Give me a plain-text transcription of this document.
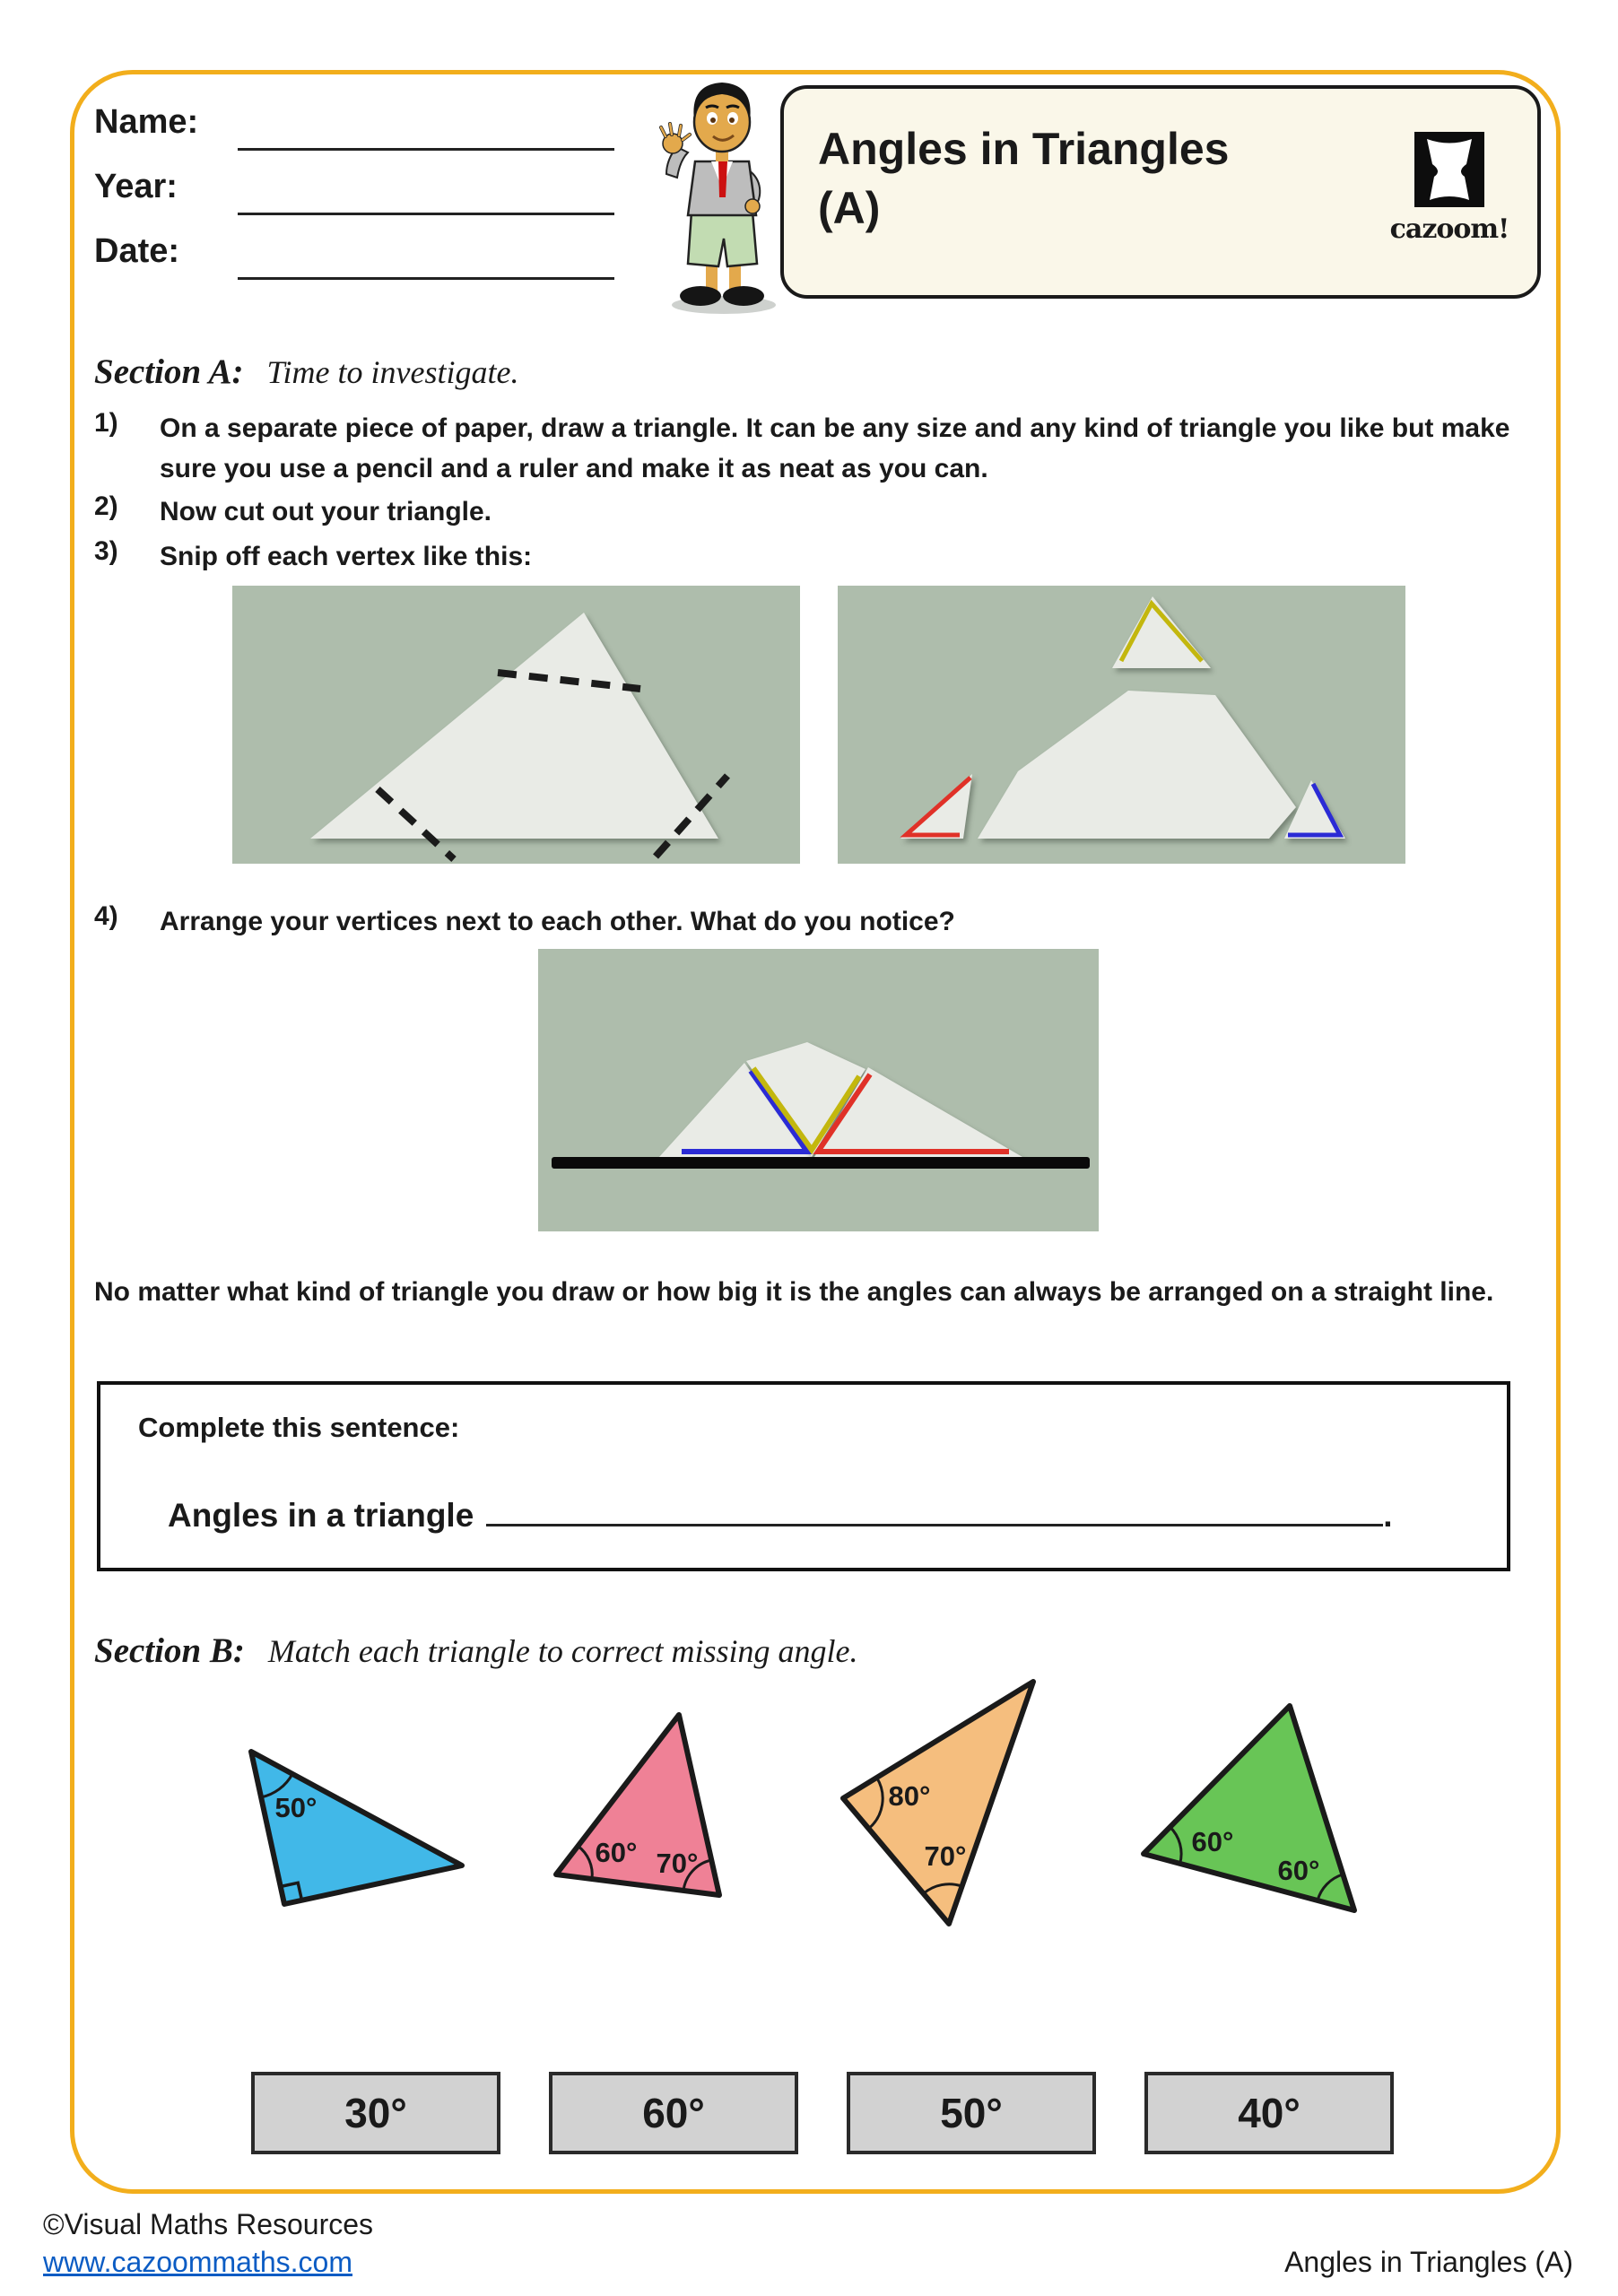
Name:
Year:
Date:
Angles in Triangles
(A)	cazoom!
Section A: Time to investigate.
1) On a separate piece of paper, draw a triangle. It can be any size and any kind of triangle you like but make sure you use a pencil and a ruler and make it as neat as you can.
2) Now cut out your triangle.
3) Snip off each vertex like this:
4) Arrange your vertices next to each other. What do you notice?
No matter what kind of triangle you draw or how big it is the angles can always be arranged on a straight line.
Complete this sentence:
Angles in a triangle	.
Section B: Match each triangle to correct missing angle.
50°
60° 70°
80°
70°	60°
60°
30°	60°	50°	40°
©Visual Maths Resources
www.cazoommaths.com	Angles in Triangles (A)
